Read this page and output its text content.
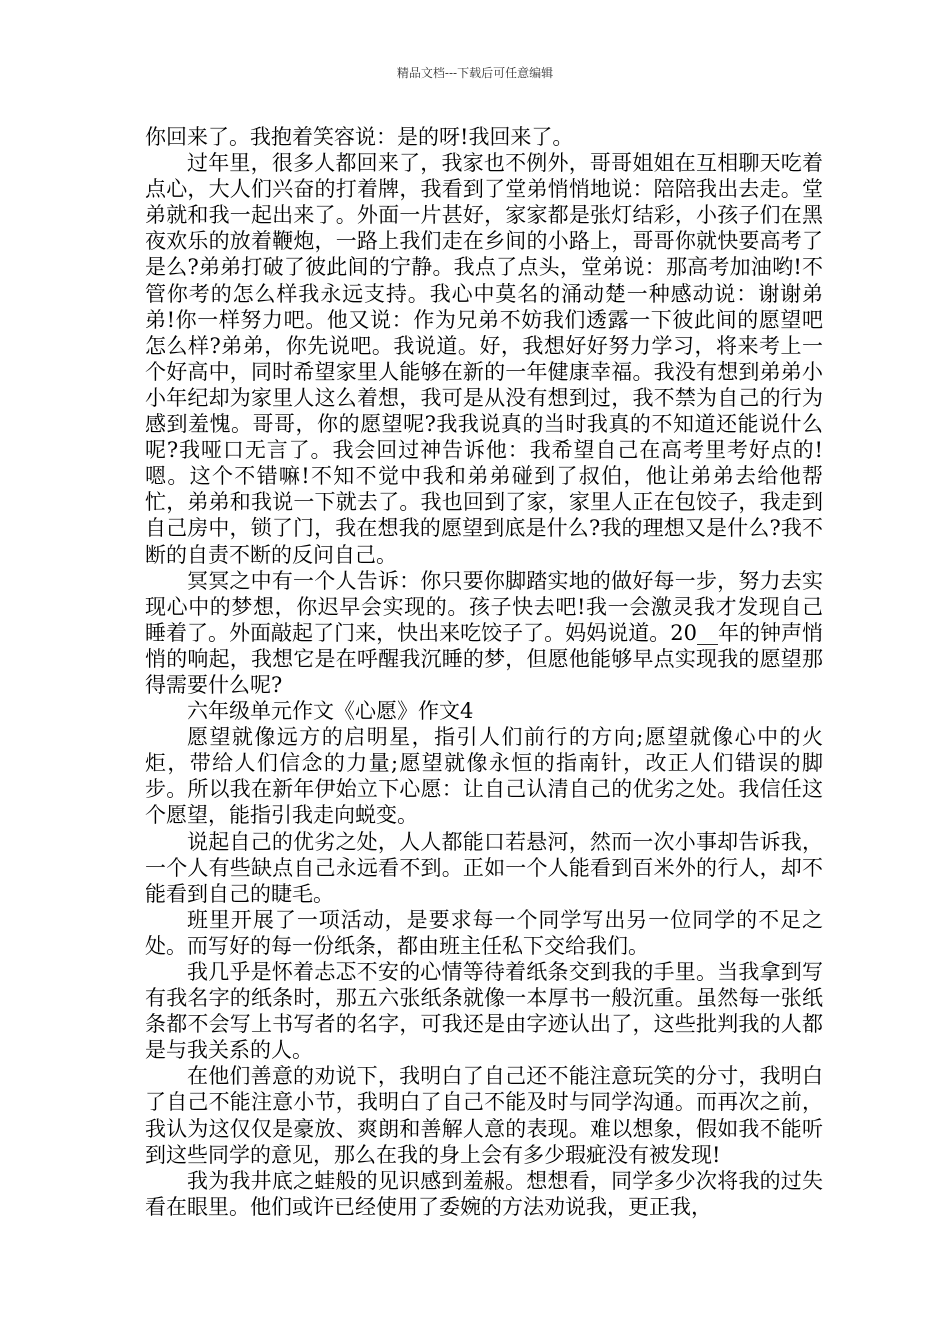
精品文档---下载后可任意编辑

你回来了。我抱着笑容说：是的呀!我回来了。

过年里，很多人都回来了，我家也不例外，哥哥姐姐在互相聊天吃着点心，大人们兴奋的打着牌，我看到了堂弟悄悄地说：陪陪我出去走。堂弟就和我一起出来了。外面一片甚好，家家都是张灯结彩，小孩子们在黑夜欢乐的放着鞭炮，一路上我们走在乡间的小路上，哥哥你就快要高考了是么?弟弟打破了彼此间的宁静。我点了点头，堂弟说：那高考加油哟!不管你考的怎么样我永远支持。我心中莫名的涌动楚一种感动说：谢谢弟弟!你一样努力吧。他又说：作为兄弟不妨我们透露一下彼此间的愿望吧怎么样?弟弟，你先说吧。我说道。好，我想好好努力学习，将来考上一个好高中，同时希望家里人能够在新的一年健康幸福。我没有想到弟弟小小年纪却为家里人这么着想，我可是从没有想到过，我不禁为自己的行为感到羞愧。哥哥，你的愿望呢?我我说真的当时我真的不知道还能说什么呢?我哑口无言了。我会回过神告诉他：我希望自己在高考里考好点的!嗯。这个不错嘛!不知不觉中我和弟弟碰到了叔伯，他让弟弟去给他帮忙，弟弟和我说一下就去了。我也回到了家，家里人正在包饺子，我走到自己房中，锁了门，我在想我的愿望到底是什么?我的理想又是什么?我不断的自责不断的反问自己。

冥冥之中有一个人告诉：你只要你脚踏实地的做好每一步，努力去实现心中的梦想，你迟早会实现的。孩子快去吧!我一会激灵我才发现自己睡着了。外面敲起了门来，快出来吃饺子了。妈妈说道。20__年的钟声悄悄的响起，我想它是在呼醒我沉睡的梦，但愿他能够早点实现我的愿望那得需要什么呢?

六年级单元作文《心愿》作文4

愿望就像远方的启明星，指引人们前行的方向;愿望就像心中的火炬，带给人们信念的力量;愿望就像永恒的指南针，改正人们错误的脚步。所以我在新年伊始立下心愿：让自己认清自己的优劣之处。我信任这个愿望，能指引我走向蜕变。

说起自己的优劣之处，人人都能口若悬河，然而一次小事却告诉我，一个人有些缺点自己永远看不到。正如一个人能看到百米外的行人，却不能看到自己的睫毛。

班里开展了一项活动，是要求每一个同学写出另一位同学的不足之处。而写好的每一份纸条，都由班主任私下交给我们。

我几乎是怀着忐忑不安的心情等待着纸条交到我的手里。当我拿到写有我名字的纸条时，那五六张纸条就像一本厚书一般沉重。虽然每一张纸条都不会写上书写者的名字，可我还是由字迹认出了，这些批判我的人都是与我关系的人。

在他们善意的劝说下，我明白了自己还不能注意玩笑的分寸，我明白了自己不能注意小节，我明白了自己不能及时与同学沟通。而再次之前，我认为这仅仅是豪放、爽朗和善解人意的表现。难以想象，假如我不能听到这些同学的意见，那么在我的身上会有多少瑕疵没有被发现!

我为我井底之蛙般的见识感到羞赧。想想看，同学多少次将我的过失看在眼里。他们或许已经使用了委婉的方法劝说我，更正我，
